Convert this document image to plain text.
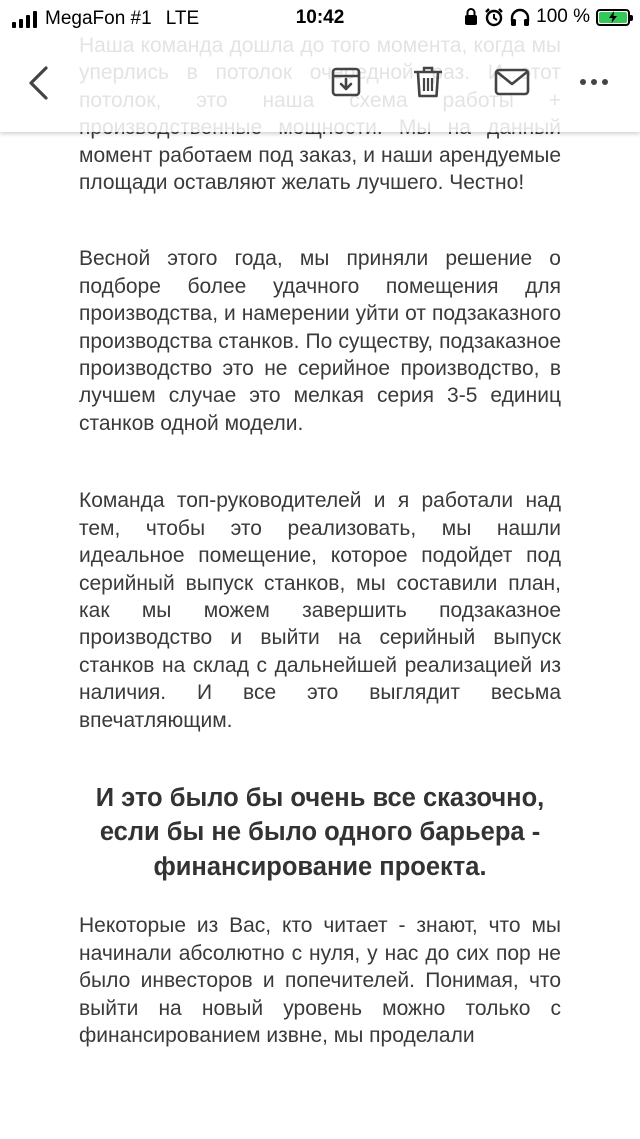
MegaFon #1 LTE	10:42	100 %

момент работаем под заказ, и наши арендуемые площади оставляют желать лучшего. Честно!

Весной этого года, мы приняли решение о подборе более удачного помещения для производства, и намерении уйти от подзаказного производства станков. По существу, подзаказное производство это не серийное производство, в лучшем случае это мелкая серия 3-5 единиц станков одной модели.

Команда топ-руководителей и я работали над тем, чтобы это реализовать, мы нашли идеальное помещение, которое подойдет под серийный выпуск станков, мы составили план, как мы можем завершить подзаказное производство и выйти на серийный выпуск станков на склад с дальнейшей реализацией из наличия. И все это выглядит весьма впечатляющим.

И это было бы очень все сказочно, если бы не было одного барьера - финансирование проекта.

Некоторые из Вас, кто читает - знают, что мы начинали абсолютно с нуля, у нас до сих пор не было инвесторов и попечителей. Понимая, что выйти на новый уровень можно только с финансированием извне, мы проделали
